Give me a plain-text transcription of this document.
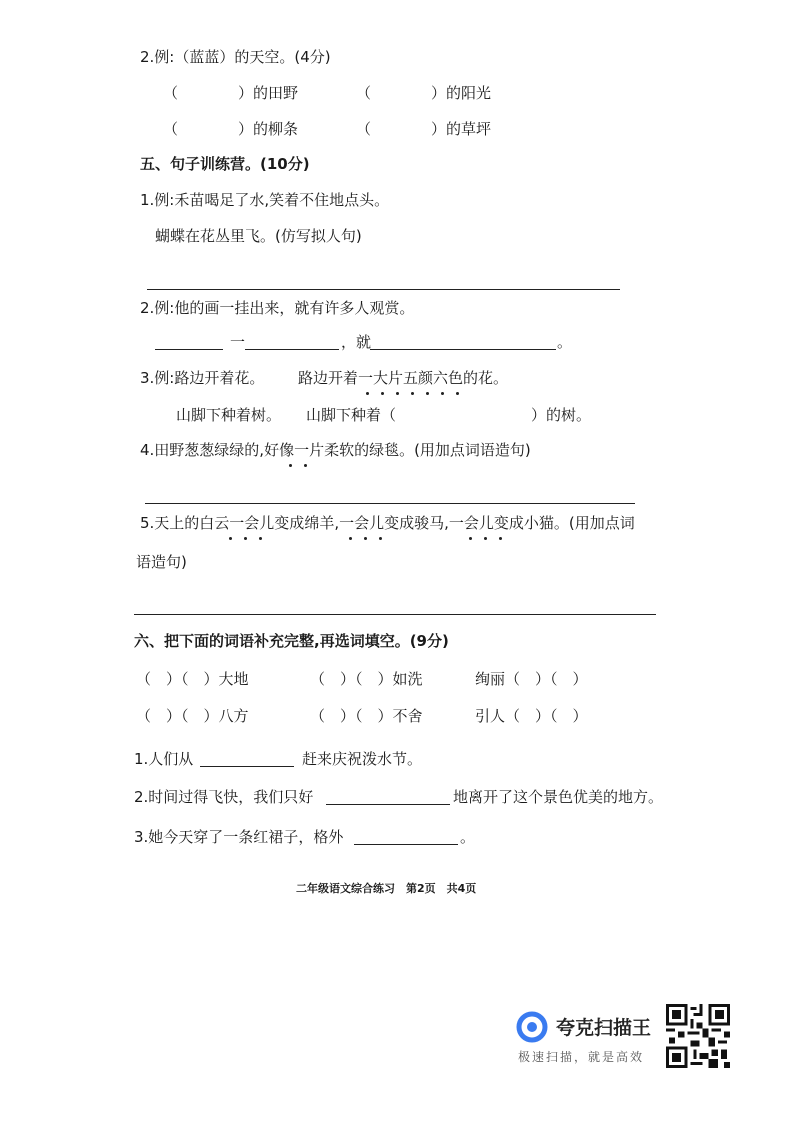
2.例:（蓝蓝）的天空。(4分)
（　　　　）的田野	（　　　　）的阳光
（　　　　）的柳条	（　　　　）的草坪
五、句子训练营。(10分)
1.例:禾苗喝足了水,笑着不住地点头。
蝴蝶在花丛里飞。(仿写拟人句)
2.例:他的画一挂出来，就有许多人观赏。
一	，就	。
3.例:路边开着花。 路边开着一大片五颜六色的花。
山脚下种着树。 山脚下种着（　　　　　　　　　）的树。
4.田野葱葱绿绿的,好像一片柔软的绿毯。(用加点词语造句)
5.天上的白云一会儿变成绵羊,一会儿变成骏马,一会儿变成小猫。(用加点词
语造句)
六、把下面的词语补充完整,再选词填空。(9分)
（　）（　）大地	（　）（　）如洗	绚丽（　）（　）
（　）（　）八方	（　）（　）不舍	引人（　）（　）
1.人们从	赶来庆祝泼水节。
2.时间过得飞快，我们只好	地离开了这个景色优美的地方。
3.她今天穿了一条红裙子，格外	。
二年级语文综合练习　第2页　共4页
夸克扫描王
极速扫描，就是高效
